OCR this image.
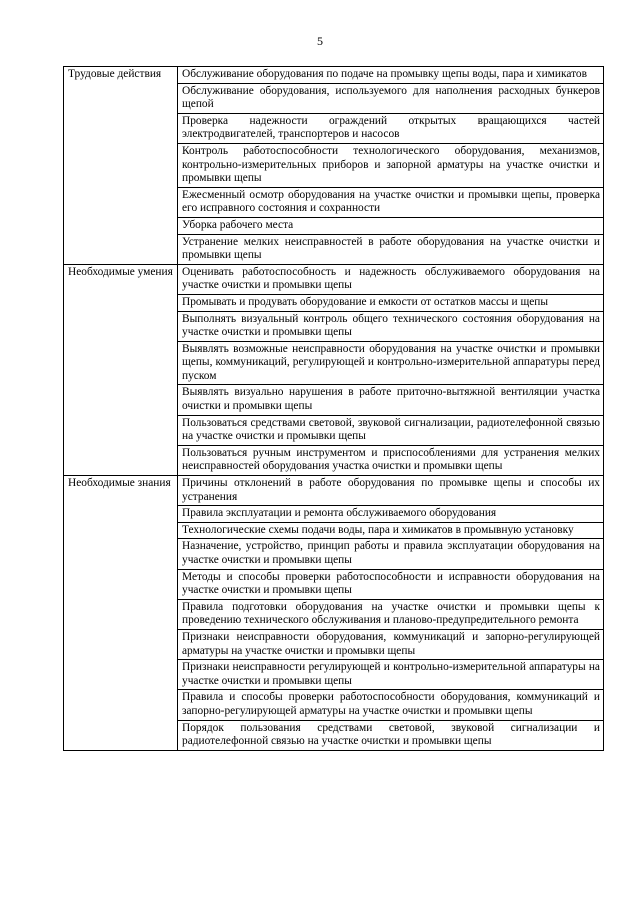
5
Трудовые действия	Обслуживание оборудования по подаче на промывку щепы воды, пара и химикатов
	Обслуживание оборудования, используемого для наполнения расходных бункеров щепой
	Проверка надежности ограждений открытых вращающихся частей электродвигателей, транспортеров и насосов
	Контроль работоспособности технологического оборудования, механизмов, контрольно-измерительных приборов и запорной арматуры на участке очистки и промывки щепы
	Ежесменный осмотр оборудования на участке очистки и промывки щепы, проверка его исправного состояния и сохранности
	Уборка рабочего места
	Устранение мелких неисправностей в работе оборудования на участке очистки и промывки щепы
Необходимые умения	Оценивать работоспособность и надежность обслуживаемого оборудования на участке очистки и промывки щепы
	Промывать и продувать оборудование и емкости от остатков массы и щепы
	Выполнять визуальный контроль общего технического состояния оборудования на участке очистки и промывки щепы
	Выявлять возможные неисправности оборудования на участке очистки и промывки щепы, коммуникаций, регулирующей и контрольно-измерительной аппаратуры перед пуском
	Выявлять визуально нарушения в работе приточно-вытяжной вентиляции участка очистки и промывки щепы
	Пользоваться средствами световой, звуковой сигнализации, радиотелефонной связью на участке очистки и промывки щепы
	Пользоваться ручным инструментом и приспособлениями для устранения мелких неисправностей оборудования участка очистки и промывки щепы
Необходимые знания	Причины отклонений в работе оборудования по промывке щепы и способы их устранения
	Правила эксплуатации и ремонта обслуживаемого оборудования
	Технологические схемы подачи воды, пара и химикатов в промывную установку
	Назначение, устройство, принцип работы и правила эксплуатации оборудования на участке очистки и промывки щепы
	Методы и способы проверки работоспособности и исправности оборудования на участке очистки и промывки щепы
	Правила подготовки оборудования на участке очистки и промывки щепы к проведению технического обслуживания и планово-предупредительного ремонта
	Признаки неисправности оборудования, коммуникаций и запорно-регулирующей арматуры на участке очистки и промывки щепы
	Признаки неисправности регулирующей и контрольно-измерительной аппаратуры на участке очистки и промывки щепы
	Правила и способы проверки работоспособности оборудования, коммуникаций и запорно-регулирующей арматуры на участке очистки и промывки щепы
	Порядок пользования средствами световой, звуковой сигнализации и радиотелефонной связью на участке очистки и промывки щепы
